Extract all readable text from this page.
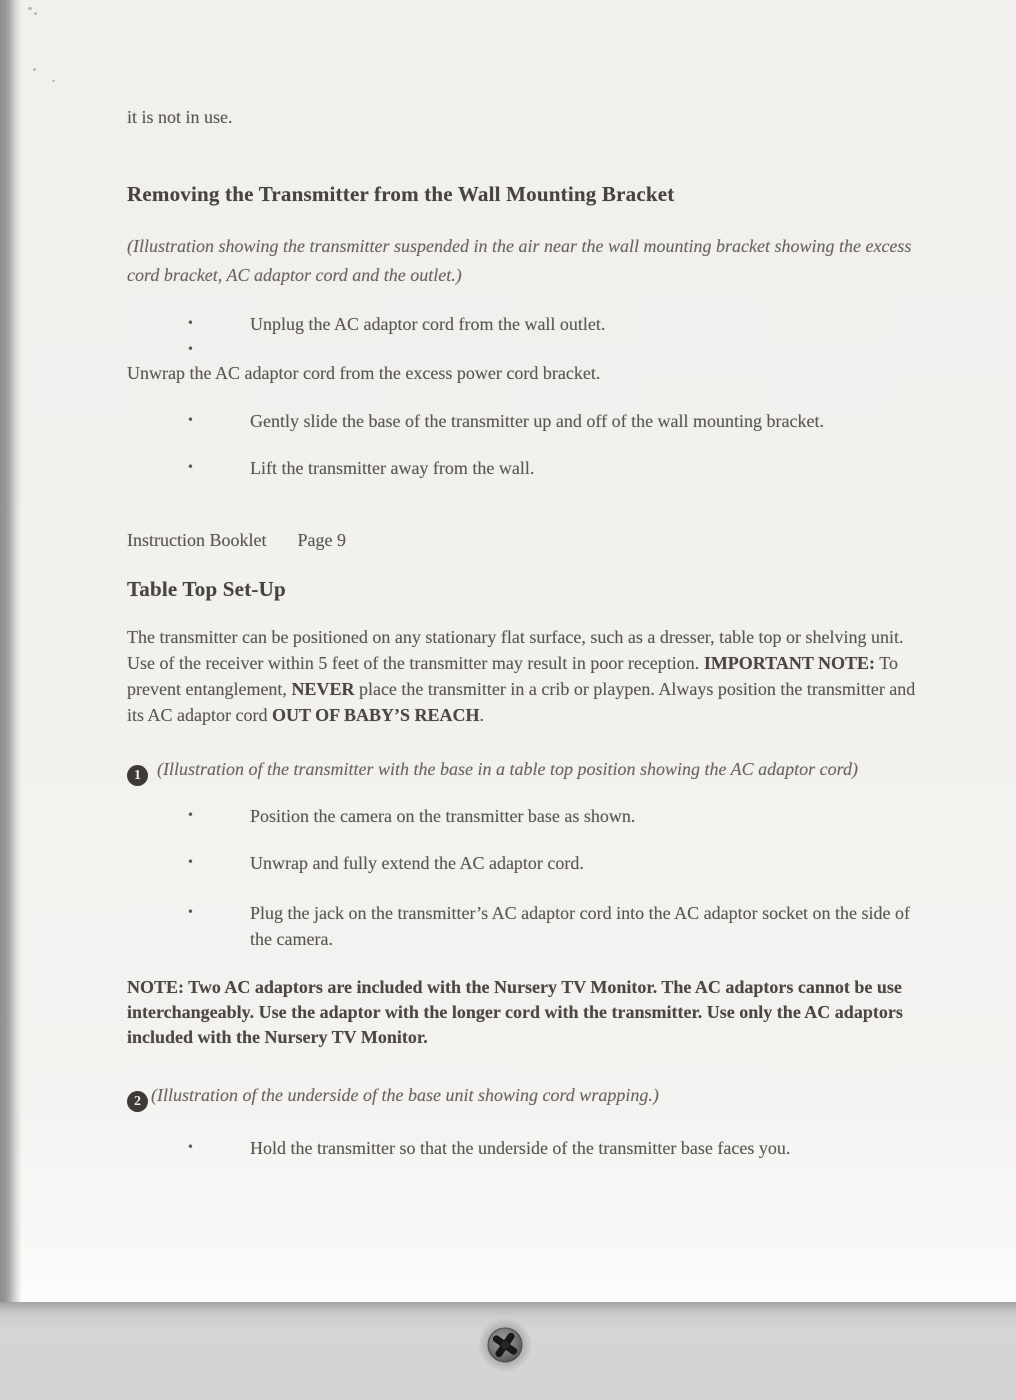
it is not in use.
Removing the Transmitter from the Wall Mounting Bracket
(Illustration showing the transmitter suspended in the air near the wall mounting bracket showing the excess cord bracket, AC adaptor cord and the outlet.)
•	Unplug the AC adaptor cord from the wall outlet.
•
Unwrap the AC adaptor cord from the excess power cord bracket.
•	Gently slide the base of the transmitter up and off of the wall mounting bracket.
•	Lift the transmitter away from the wall.
Instruction Booklet Page 9
Table Top Set-Up
The transmitter can be positioned on any stationary flat surface, such as a dresser, table top or shelving unit. Use of the receiver within 5 feet of the transmitter may result in poor reception. IMPORTANT NOTE: To prevent entanglement, NEVER place the transmitter in a crib or playpen. Always position the transmitter and its AC adaptor cord OUT OF BABY’S REACH.
1 (Illustration of the transmitter with the base in a table top position showing the AC adaptor cord)
•	Position the camera on the transmitter base as shown.
•	Unwrap and fully extend the AC adaptor cord.
•	Plug the jack on the transmitter’s AC adaptor cord into the AC adaptor socket on the side of the camera.
NOTE: Two AC adaptors are included with the Nursery TV Monitor. The AC adaptors cannot be use interchangeably. Use the adaptor with the longer cord with the transmitter. Use only the AC adaptors included with the Nursery TV Monitor.
2 (Illustration of the underside of the base unit showing cord wrapping.)
•	Hold the transmitter so that the underside of the transmitter base faces you.
